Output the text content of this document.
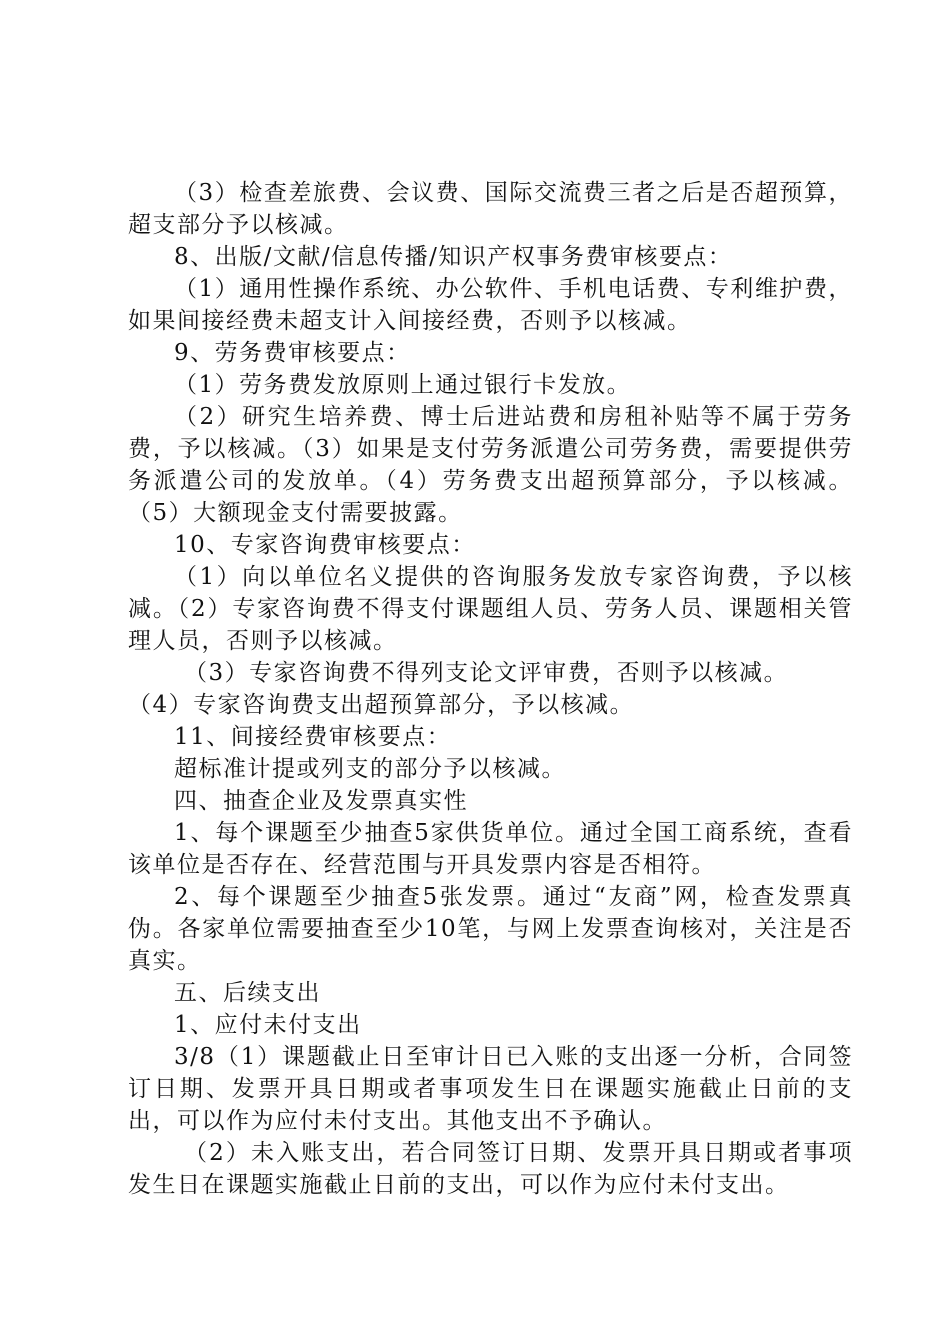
（3）检查差旅费、会议费、国际交流费三者之后是否超预算，超支部分予以核减。

8、出版/文献/信息传播/知识产权事务费审核要点：

（1）通用性操作系统、办公软件、手机电话费、专利维护费，如果间接经费未超支计入间接经费，否则予以核减。

9、劳务费审核要点：

（1）劳务费发放原则上通过银行卡发放。

（2）研究生培养费、博士后进站费和房租补贴等不属于劳务费，予以核减。（3）如果是支付劳务派遣公司劳务费，需要提供劳务派遣公司的发放单。（4）劳务费支出超预算部分，予以核减。（5）大额现金支付需要披露。

10、专家咨询费审核要点：

（1）向以单位名义提供的咨询服务发放专家咨询费，予以核减。（2）专家咨询费不得支付课题组人员、劳务人员、课题相关管理人员，否则予以核减。

（3）专家咨询费不得列支论文评审费，否则予以核减。

（4）专家咨询费支出超预算部分，予以核减。

11、间接经费审核要点：

超标准计提或列支的部分予以核减。

四、抽查企业及发票真实性

1、每个课题至少抽查5家供货单位。通过全国工商系统，查看该单位是否存在、经营范围与开具发票内容是否相符。

2、每个课题至少抽查5张发票。通过“友商”网，检查发票真伪。各家单位需要抽查至少10笔，与网上发票查询核对，关注是否真实。

五、后续支出

1、应付未付支出

3/8（1）课题截止日至审计日已入账的支出逐一分析，合同签订日期、发票开具日期或者事项发生日在课题实施截止日前的支出，可以作为应付未付支出。其他支出不予确认。

（2）未入账支出，若合同签订日期、发票开具日期或者事项发生日在课题实施截止日前的支出，可以作为应付未付支出。
